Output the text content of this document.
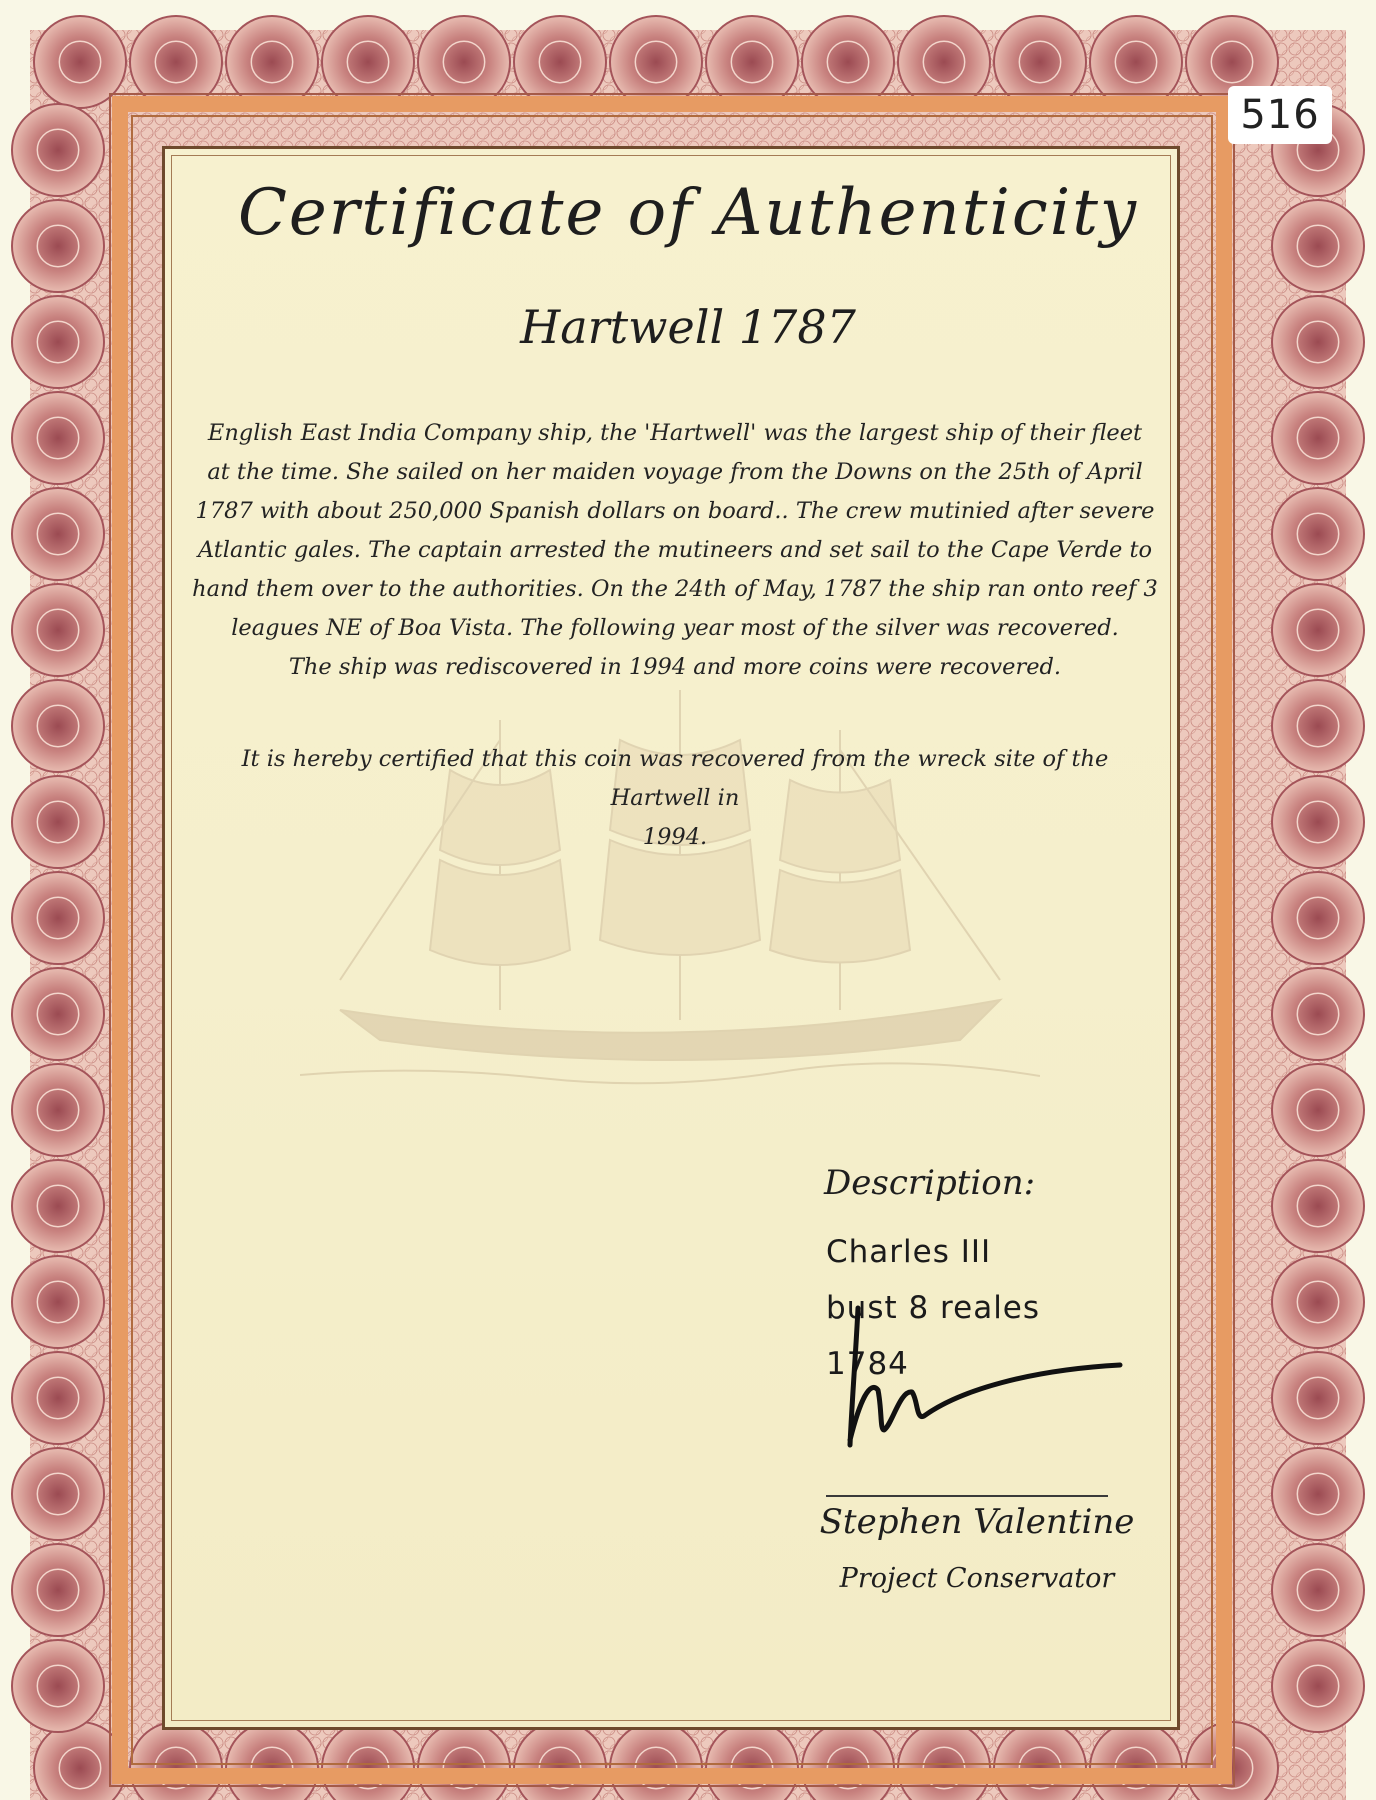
516
Certificate of Authenticity
Hartwell 1787
English East India Company ship, the 'Hartwell' was the largest ship of their fleet
at the time. She sailed on her maiden voyage from the Downs on the 25th of April
1787 with about 250,000 Spanish dollars on board.. The crew mutinied after severe
Atlantic gales. The captain arrested the mutineers and set sail to the Cape Verde to
hand them over to the authorities. On the 24th of May, 1787 the ship ran onto reef 3
leagues NE of Boa Vista. The following year most of the silver was recovered.
The ship was rediscovered in 1994 and more coins were recovered.
It is hereby certified that this coin was recovered from the wreck site of the Hartwell in
1994.
Description:
Charles III
bust 8 reales
1784
Stephen Valentine
Project Conservator
